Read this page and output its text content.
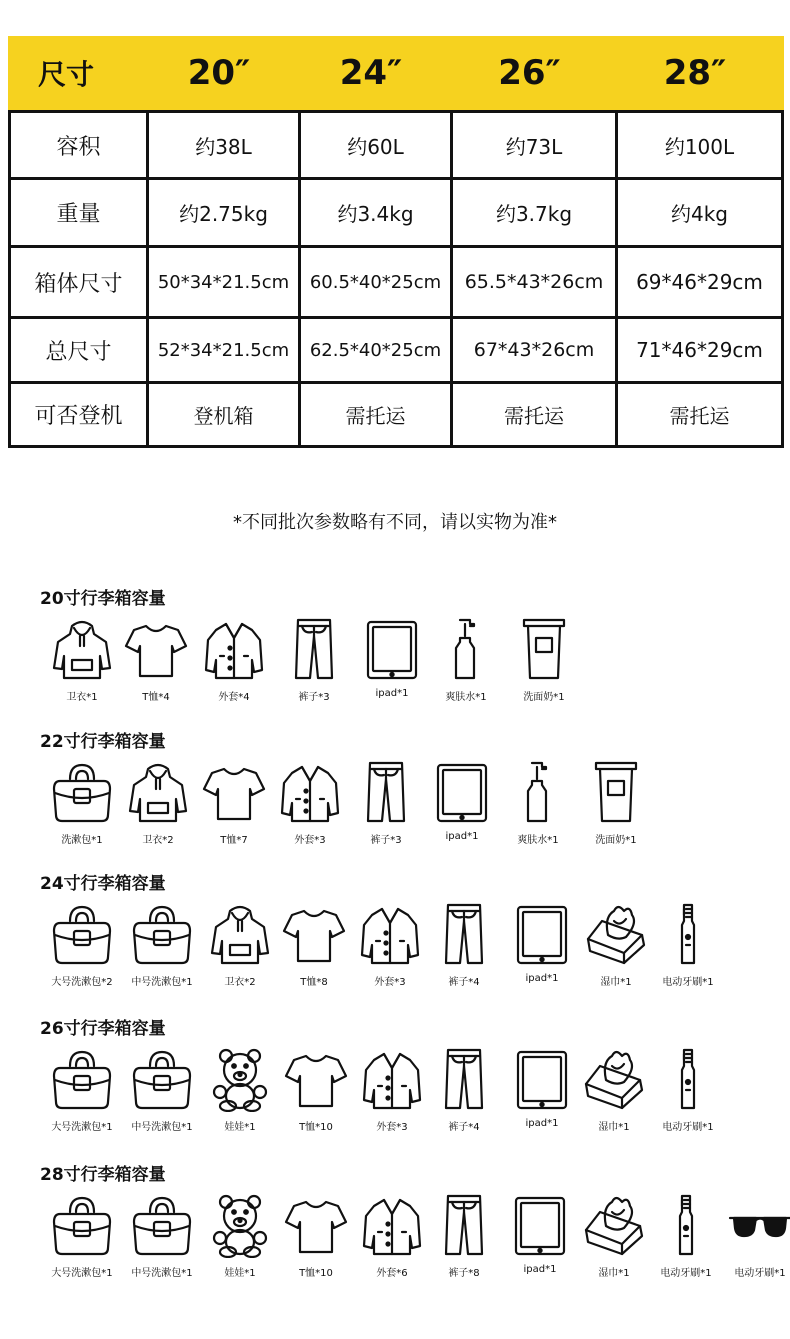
尺寸	20″	24″	26″	28″
容积	约38L	约60L	约73L	约100L
重量	约2.75kg	约3.4kg	约3.7kg	约4kg
箱体尺寸	50*34*21.5cm	60.5*40*25cm	65.5*43*26cm	69*46*29cm
总尺寸	52*34*21.5cm	62.5*40*25cm	67*43*26cm	71*46*29cm
可否登机	登机箱	需托运	需托运	需托运
*不同批次参数略有不同，请以实物为准*
20寸行李箱容量
卫衣*1	T恤*4	外套*4	裤子*3	ipad*1	爽肤水*1	洗面奶*1
22寸行李箱容量
洗漱包*1	卫衣*2	T恤*7	外套*3	裤子*3	ipad*1	爽肤水*1	洗面奶*1
24寸行李箱容量
大号洗漱包*2 中号洗漱包*1	卫衣*2	T恤*8	外套*3	裤子*4	ipad*1	湿巾*1	电动牙刷*1
26寸行李箱容量
大号洗漱包*1 中号洗漱包*1	娃娃*1	T恤*10	外套*3	裤子*4	ipad*1	湿巾*1	电动牙刷*1
28寸行李箱容量
大号洗漱包*1 中号洗漱包*1	娃娃*1	T恤*10	外套*6	裤子*8	ipad*1	湿巾*1	电动牙刷*1 电动牙刷*1
